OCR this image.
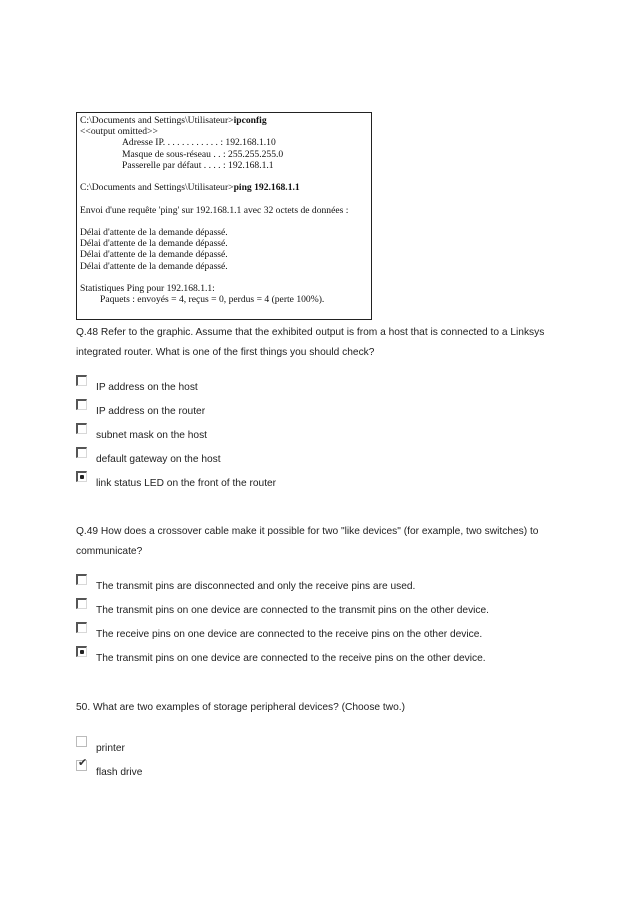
C:\Documents and Settings\Utilisateur>ipconfig
<<output omitted>>
Adresse IP. . . . . . . . . . . . : 192.168.1.10
Masque de sous-réseau . . : 255.255.255.0
Passerelle par défaut . . . . : 192.168.1.1
C:\Documents and Settings\Utilisateur>ping 192.168.1.1
Envoi d'une requête 'ping' sur 192.168.1.1 avec 32 octets de données :
Délai d'attente de la demande dépassé.
Délai d'attente de la demande dépassé.
Délai d'attente de la demande dépassé.
Délai d'attente de la demande dépassé.
Statistiques Ping pour 192.168.1.1:
Paquets : envoyés = 4, reçus = 0, perdus = 4 (perte 100%).
Q.48 Refer to the graphic. Assume that the exhibited output is from a host that is connected to a Linksys integrated router. What is one of the first things you should check?
IP address on the host
IP address on the router
subnet mask on the host
default gateway on the host
link status LED on the front of the router
Q.49 How does a crossover cable make it possible for two "like devices" (for example, two switches) to communicate?
The transmit pins are disconnected and only the receive pins are used.
The transmit pins on one device are connected to the transmit pins on the other device.
The receive pins on one device are connected to the receive pins on the other device.
The transmit pins on one device are connected to the receive pins on the other device.
50. What are two examples of storage peripheral devices? (Choose two.)
printer
✔
flash drive
